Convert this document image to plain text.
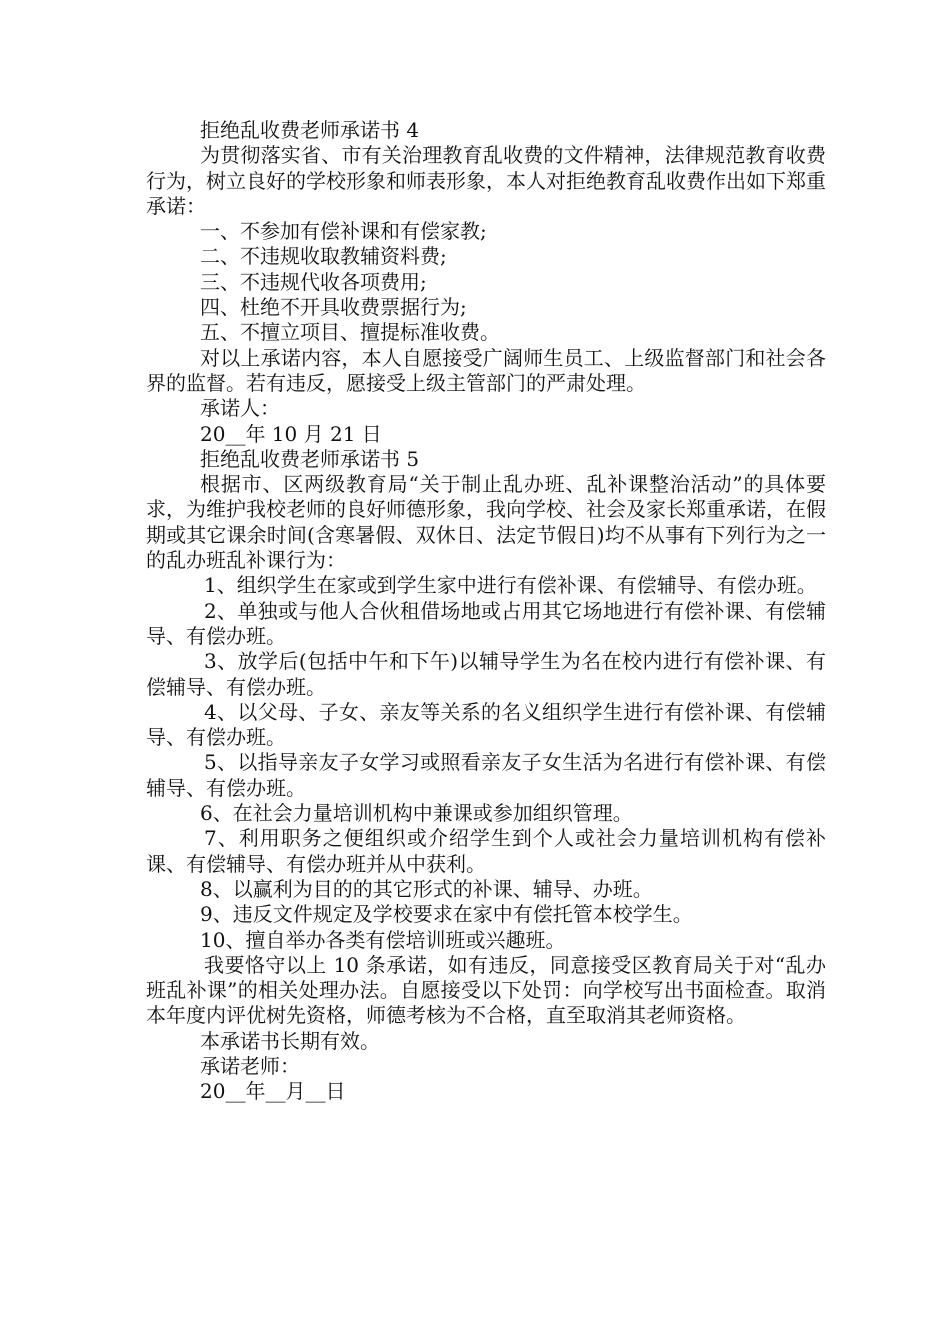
拒绝乱收费老师承诺书 4

为贯彻落实省、市有关治理教育乱收费的文件精神，法律规范教育收费行为，树立良好的学校形象和师表形象，本人对拒绝教育乱收费作出如下郑重承诺：

一、不参加有偿补课和有偿家教;

二、不违规收取教辅资料费;

三、不违规代收各项费用;

四、杜绝不开具收费票据行为;

五、不擅立项目、擅提标准收费。

对以上承诺内容，本人自愿接受广阔师生员工、上级监督部门和社会各界的监督。若有违反，愿接受上级主管部门的严肃处理。

承诺人：

20__年 10 月 21 日

拒绝乱收费老师承诺书 5

根据市、区两级教育局“关于制止乱办班、乱补课整治活动”的具体要求，为维护我校老师的良好师德形象，我向学校、社会及家长郑重承诺，在假期或其它课余时间(含寒暑假、双休日、法定节假日)均不从事有下列行为之一的乱办班乱补课行为：

1、组织学生在家或到学生家中进行有偿补课、有偿辅导、有偿办班。

2、单独或与他人合伙租借场地或占用其它场地进行有偿补课、有偿辅导、有偿办班。

3、放学后(包括中午和下午)以辅导学生为名在校内进行有偿补课、有偿辅导、有偿办班。

4、以父母、子女、亲友等关系的名义组织学生进行有偿补课、有偿辅导、有偿办班。

5、以指导亲友子女学习或照看亲友子女生活为名进行有偿补课、有偿辅导、有偿办班。

6、在社会力量培训机构中兼课或参加组织管理。

7、利用职务之便组织或介绍学生到个人或社会力量培训机构有偿补课、有偿辅导、有偿办班并从中获利。

8、以赢利为目的的其它形式的补课、辅导、办班。

9、违反文件规定及学校要求在家中有偿托管本校学生。

10、擅自举办各类有偿培训班或兴趣班。

我要恪守以上 10 条承诺，如有违反，同意接受区教育局关于对“乱办班乱补课”的相关处理办法。自愿接受以下处罚：向学校写出书面检查。取消本年度内评优树先资格，师德考核为不合格，直至取消其老师资格。

本承诺书长期有效。

承诺老师：

20__年__月__日
